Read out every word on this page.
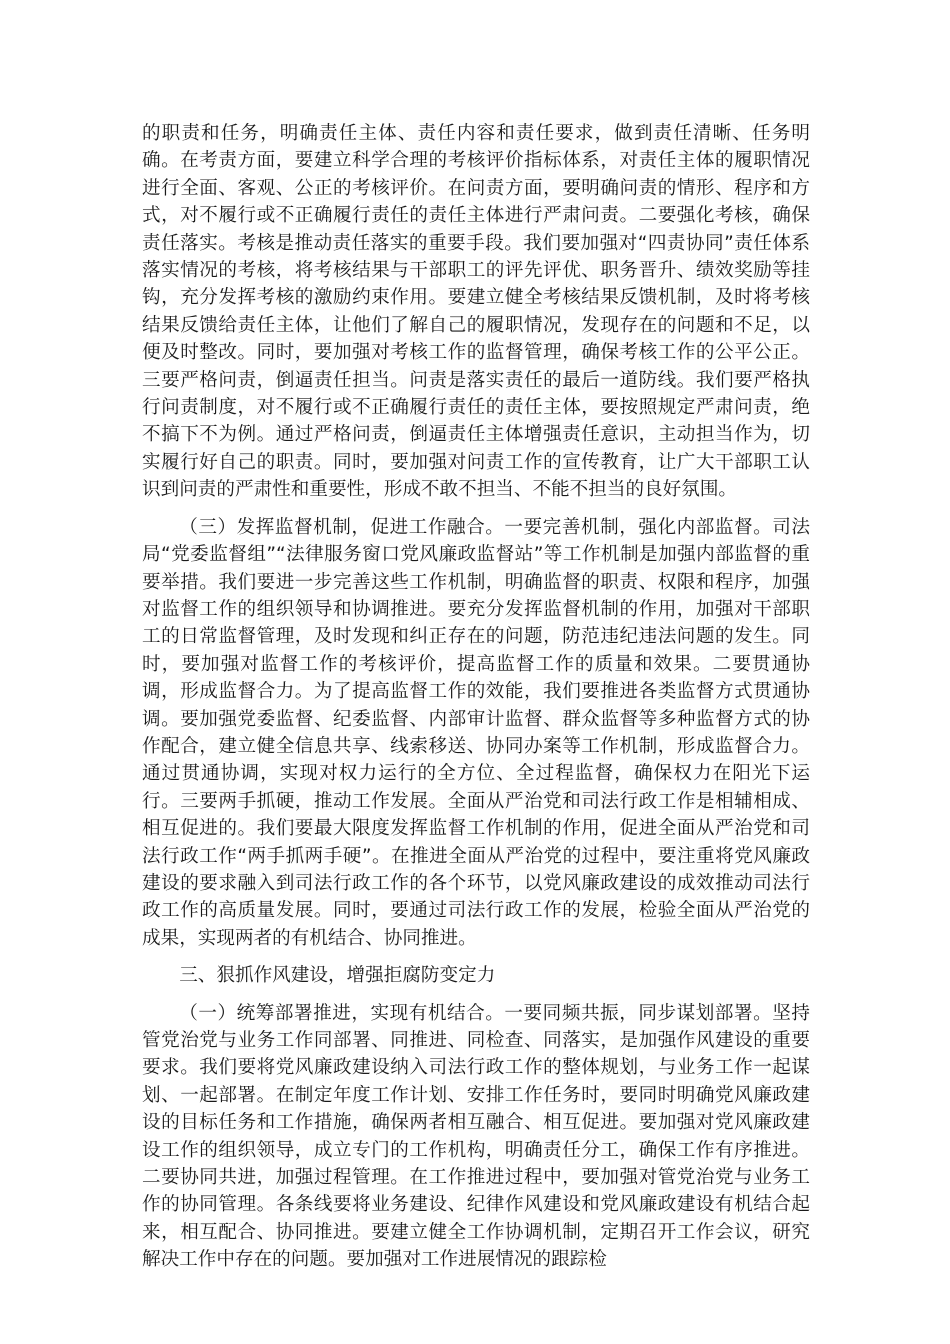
的职责和任务，明确责任主体、责任内容和责任要求，做到责任清晰、任务明确。在考责方面，要建立科学合理的考核评价指标体系，对责任主体的履职情况进行全面、客观、公正的考核评价。在问责方面，要明确问责的情形、程序和方式，对不履行或不正确履行责任的责任主体进行严肃问责。二要强化考核，确保责任落实。考核是推动责任落实的重要手段。我们要加强对“四责协同”责任体系落实情况的考核，将考核结果与干部职工的评先评优、职务晋升、绩效奖励等挂钩，充分发挥考核的激励约束作用。要建立健全考核结果反馈机制，及时将考核结果反馈给责任主体，让他们了解自己的履职情况，发现存在的问题和不足，以便及时整改。同时，要加强对考核工作的监督管理，确保考核工作的公平公正。三要严格问责，倒逼责任担当。问责是落实责任的最后一道防线。我们要严格执行问责制度，对不履行或不正确履行责任的责任主体，要按照规定严肃问责，绝不搞下不为例。通过严格问责，倒逼责任主体增强责任意识，主动担当作为，切实履行好自己的职责。同时，要加强对问责工作的宣传教育，让广大干部职工认识到问责的严肃性和重要性，形成不敢不担当、不能不担当的良好氛围。

（三）发挥监督机制，促进工作融合。一要完善机制，强化内部监督。司法局“党委监督组”“法律服务窗口党风廉政监督站”等工作机制是加强内部监督的重要举措。我们要进一步完善这些工作机制，明确监督的职责、权限和程序，加强对监督工作的组织领导和协调推进。要充分发挥监督机制的作用，加强对干部职工的日常监督管理，及时发现和纠正存在的问题，防范违纪违法问题的发生。同时，要加强对监督工作的考核评价，提高监督工作的质量和效果。二要贯通协调，形成监督合力。为了提高监督工作的效能，我们要推进各类监督方式贯通协调。要加强党委监督、纪委监督、内部审计监督、群众监督等多种监督方式的协作配合，建立健全信息共享、线索移送、协同办案等工作机制，形成监督合力。通过贯通协调，实现对权力运行的全方位、全过程监督，确保权力在阳光下运行。三要两手抓硬，推动工作发展。全面从严治党和司法行政工作是相辅相成、相互促进的。我们要最大限度发挥监督工作机制的作用，促进全面从严治党和司法行政工作“两手抓两手硬”。在推进全面从严治党的过程中，要注重将党风廉政建设的要求融入到司法行政工作的各个环节，以党风廉政建设的成效推动司法行政工作的高质量发展。同时，要通过司法行政工作的发展，检验全面从严治党的成果，实现两者的有机结合、协同推进。

三、狠抓作风建设，增强拒腐防变定力

（一）统筹部署推进，实现有机结合。一要同频共振，同步谋划部署。坚持管党治党与业务工作同部署、同推进、同检查、同落实，是加强作风建设的重要要求。我们要将党风廉政建设纳入司法行政工作的整体规划，与业务工作一起谋划、一起部署。在制定年度工作计划、安排工作任务时，要同时明确党风廉政建设的目标任务和工作措施，确保两者相互融合、相互促进。要加强对党风廉政建设工作的组织领导，成立专门的工作机构，明确责任分工，确保工作有序推进。二要协同共进，加强过程管理。在工作推进过程中，要加强对管党治党与业务工作的协同管理。各条线要将业务建设、纪律作风建设和党风廉政建设有机结合起来，相互配合、协同推进。要建立健全工作协调机制，定期召开工作会议，研究解决工作中存在的问题。要加强对工作进展情况的跟踪检
